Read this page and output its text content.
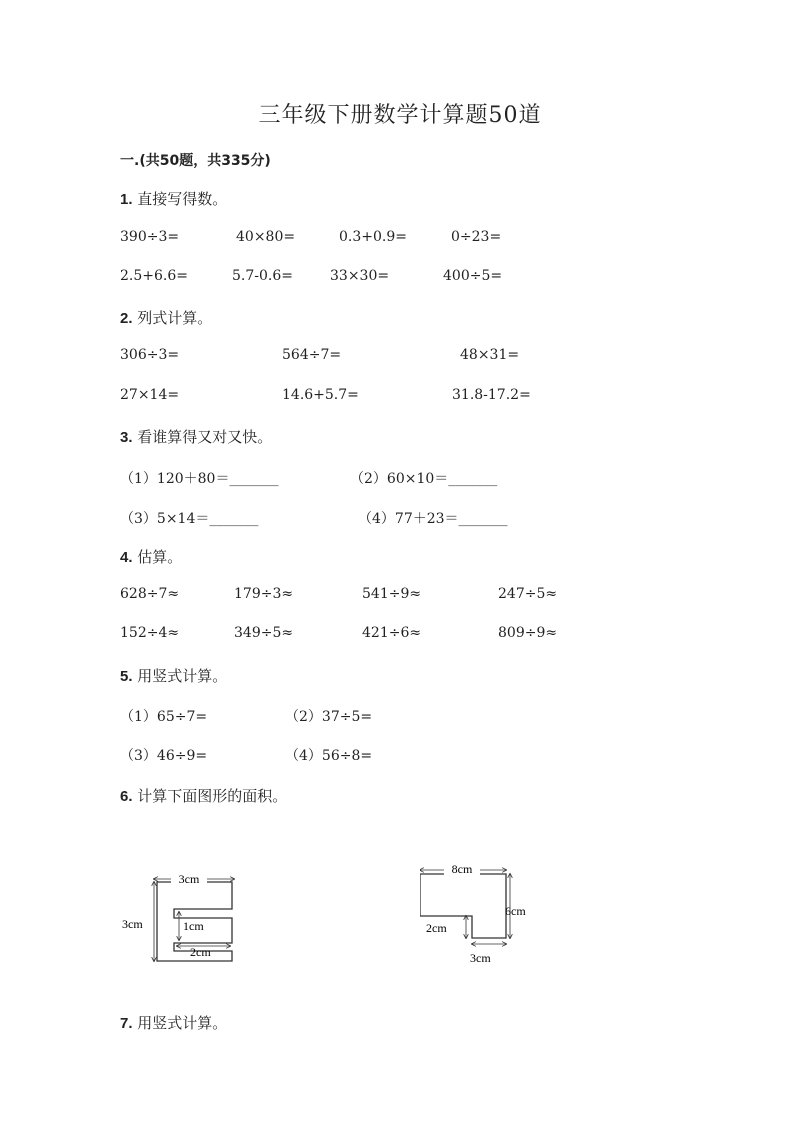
三年级下册数学计算题50道
一.(共50题，共335分)
1. 直接写得数。
390÷3=	40×80=	0.3+0.9=	0÷23=
2.5+6.6=	5.7-0.6=	33×30=	400÷5=
2. 列式计算。
306÷3=	564÷7=	48×31=
27×14=	14.6+5.7=	31.8-17.2=
3. 看谁算得又对又快。
（1）120＋80＝_______	（2）60×10＝_______
（3）5×14＝_______	（4）77＋23＝_______
4. 估算。
628÷7≈	179÷3≈	541÷9≈	247÷5≈
152÷4≈	349÷5≈	421÷6≈	809÷9≈
5. 用竖式计算。
（1）65÷7=	（2）37÷5=
（3）46÷9=	（4）56÷8=
6. 计算下面图形的面积。
3cm
3cm	1cm
2cm
8cm
6cm
2cm
3cm
7. 用竖式计算。
